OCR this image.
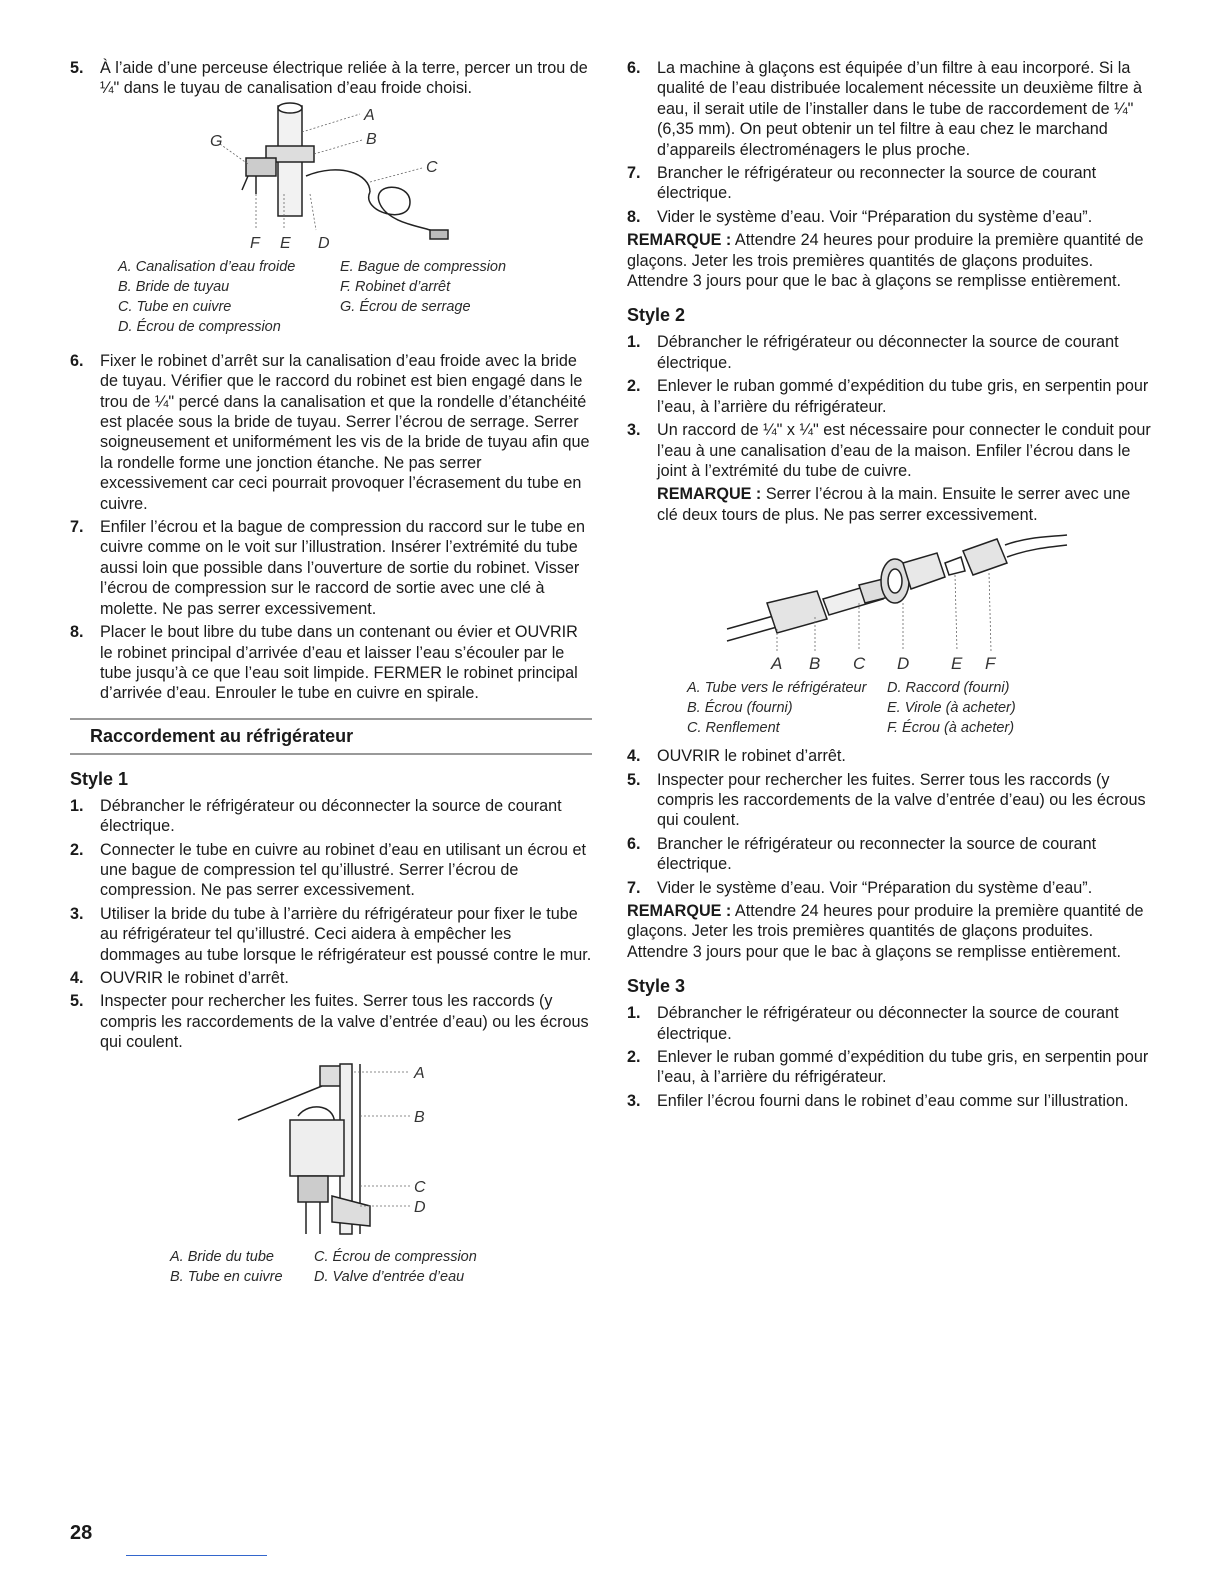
5.	À l’aide d’une perceuse électrique reliée à la terre, percer un trou de ¼" dans le tuyau de canalisation d’eau froide choisi.
A
B
C
D
E
F
G
A. Canalisation d’eau froide	E. Bague de compression
B. Bride de tuyau	F. Robinet d’arrêt
C. Tube en cuivre	G. Écrou de serrage
D. Écrou de compression
6.	Fixer le robinet d’arrêt sur la canalisation d’eau froide avec la bride de tuyau. Vérifier que le raccord du robinet est bien engagé dans le trou de ¼" percé dans la canalisation et que la rondelle d’étanchéité est placée sous la bride de tuyau. Serrer l’écrou de serrage. Serrer soigneusement et uniformément les vis de la bride de tuyau afin que la rondelle forme une jonction étanche. Ne pas serrer excessivement car ceci pourrait provoquer l’écrasement du tube en cuivre.
7.	Enfiler l’écrou et la bague de compression du raccord sur le tube en cuivre comme on le voit sur l’illustration. Insérer l’extrémité du tube aussi loin que possible dans l’ouverture de sortie du robinet. Visser l’écrou de compression sur le raccord de sortie avec une clé à molette. Ne pas serrer excessivement.
8.	Placer le bout libre du tube dans un contenant ou évier et OUVRIR le robinet principal d’arrivée d’eau et laisser l’eau s’écouler par le tube jusqu’à ce que l’eau soit limpide. FERMER le robinet principal d’arrivée d’eau. Enrouler le tube en cuivre en spirale.
Raccordement au réfrigérateur
Style 1
1.	Débrancher le réfrigérateur ou déconnecter la source de courant électrique.
2.	Connecter le tube en cuivre au robinet d’eau en utilisant un écrou et une bague de compression tel qu’illustré. Serrer l’écrou de compression. Ne pas serrer excessivement.
3.	Utiliser la bride du tube à l’arrière du réfrigérateur pour fixer le tube au réfrigérateur tel qu’illustré. Ceci aidera à empêcher les dommages au tube lorsque le réfrigérateur est poussé contre le mur.
4.	OUVRIR le robinet d’arrêt.
5.	Inspecter pour rechercher les fuites. Serrer tous les raccords (y compris les raccordements de la valve d’entrée d’eau) ou les écrous qui coulent.
A
B
C
D
A. Bride du tube	C. Écrou de compression
B. Tube en cuivre	D. Valve d’entrée d’eau
6.	La machine à glaçons est équipée d’un filtre à eau incorporé. Si la qualité de l’eau distribuée localement nécessite un deuxième filtre à eau, il serait utile de l’installer dans le tube de raccordement de ¼" (6,35 mm). On peut obtenir un tel filtre à eau chez le marchand d’appareils électroménagers le plus proche.
7.	Brancher le réfrigérateur ou reconnecter la source de courant électrique.
8.	Vider le système d’eau. Voir “Préparation du système d’eau”.

REMARQUE : Attendre 24 heures pour produire la première quantité de glaçons. Jeter les trois premières quantités de glaçons produites. Attendre 3 jours pour que le bac à glaçons se remplisse entièrement.

Style 2
1.	Débrancher le réfrigérateur ou déconnecter la source de courant électrique.
2.	Enlever le ruban gommé d’expédition du tube gris, en serpentin pour l’eau, à l’arrière du réfrigérateur.
3.	Un raccord de ¼" x ¼" est nécessaire pour connecter le conduit pour l’eau à une canalisation d’eau de la maison. Enfiler l’écrou dans le joint à l’extrémité du tube de cuivre.

REMARQUE : Serrer l’écrou à la main. Ensuite le serrer avec une clé deux tours de plus. Ne pas serrer excessivement.

A B C D E F
A. Tube vers le réfrigérateur	D. Raccord (fourni)
B. Écrou (fourni)	E. Virole (à acheter)
C. Renflement	F. Écrou (à acheter)
4.	OUVRIR le robinet d’arrêt.
5.	Inspecter pour rechercher les fuites. Serrer tous les raccords (y compris les raccordements de la valve d’entrée d’eau) ou les écrous qui coulent.
6.	Brancher le réfrigérateur ou reconnecter la source de courant électrique.
7.	Vider le système d’eau. Voir “Préparation du système d’eau”.

REMARQUE : Attendre 24 heures pour produire la première quantité de glaçons. Jeter les trois premières quantités de glaçons produites. Attendre 3 jours pour que le bac à glaçons se remplisse entièrement.

Style 3
1.	Débrancher le réfrigérateur ou déconnecter la source de courant électrique.
2.	Enlever le ruban gommé d’expédition du tube gris, en serpentin pour l’eau, à l’arrière du réfrigérateur.
3.	Enfiler l’écrou fourni dans le robinet d’eau comme sur l’illustration.
28
